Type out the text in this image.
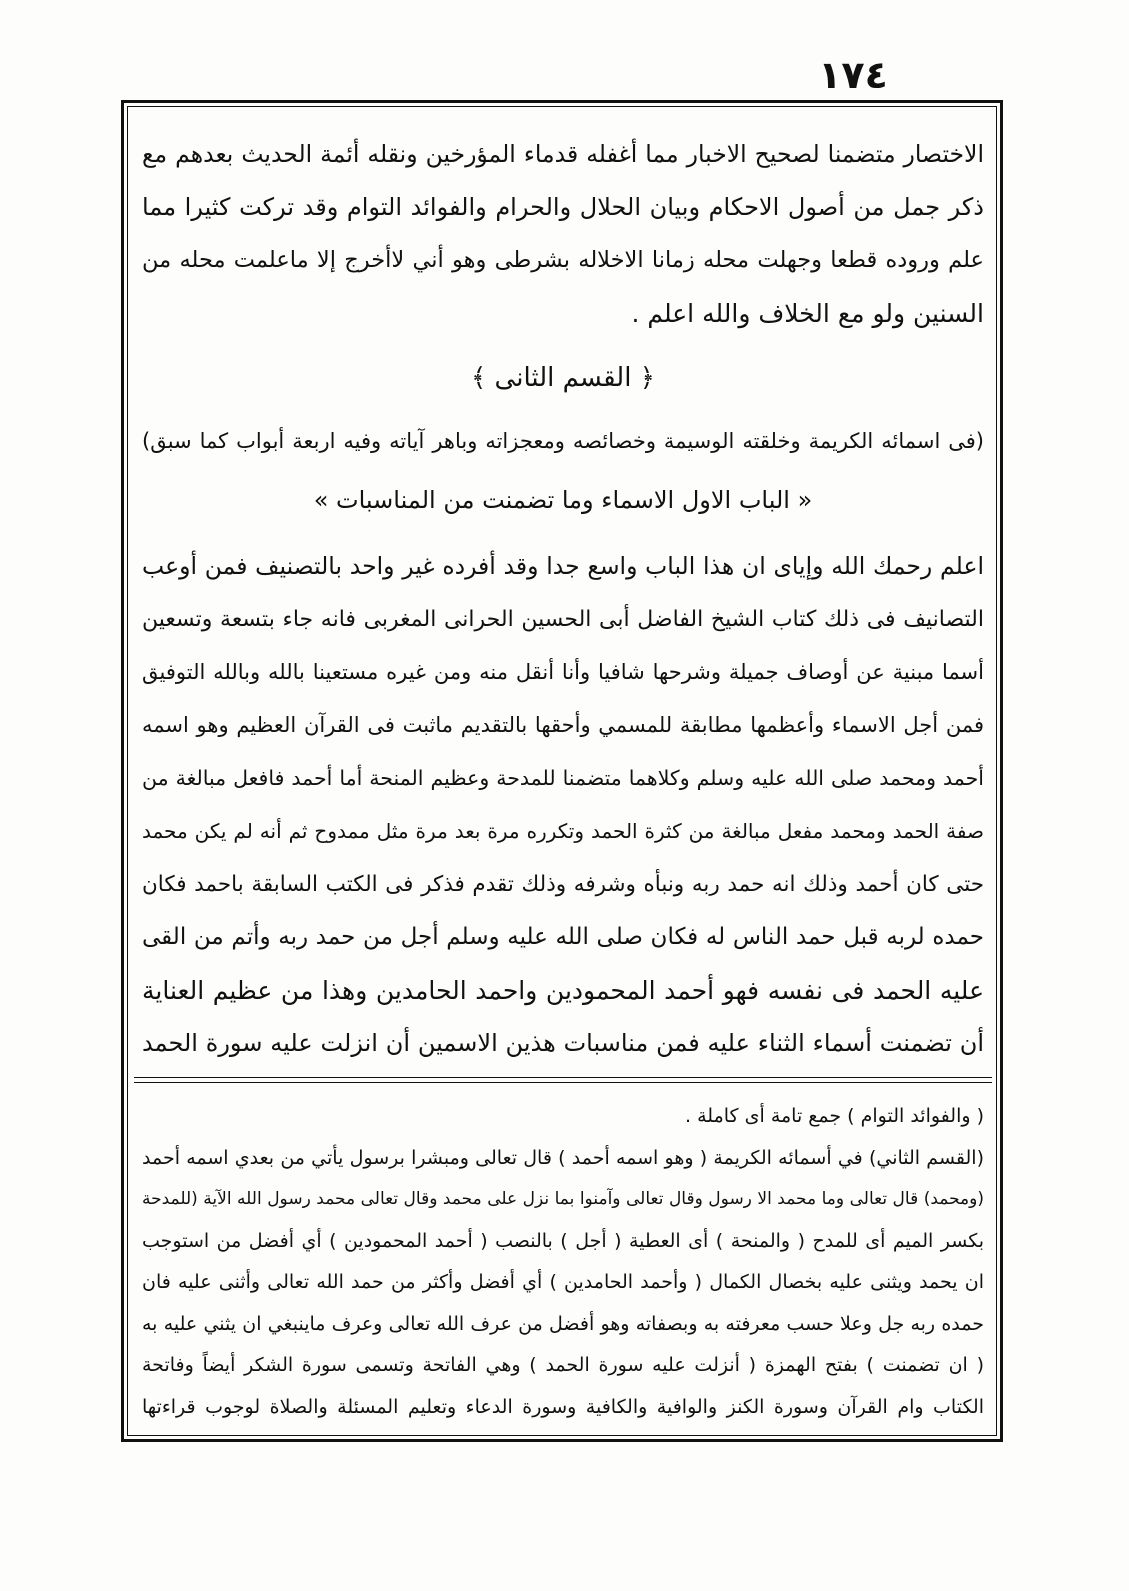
١٧٤
الاختصار متضمنا لصحيح الاخبار مما أغفله قدماء المؤرخين ونقله أئمة الحديث بعدهم مع
ذكر جمل من أصول الاحكام وبيان الحلال والحرام والفوائد التوام وقد تركت كثيرا مما
علم وروده قطعا وجهلت محله زمانا الاخلاله بشرطى وهو أني لاأخرج إلا ماعلمت محله من
السنين ولو مع الخلاف والله اعلم .
﴿ القسم الثانى ﴾
(فى اسمائه الكريمة وخلقته الوسيمة وخصائصه ومعجزاته وباهر آياته وفيه اربعة أبواب كما سبق)
« الباب الاول الاسماء وما تضمنت من المناسبات »
اعلم رحمك الله وإياى ان هذا الباب واسع جدا وقد أفرده غير واحد بالتصنيف فمن أوعب
التصانيف فى ذلك كتاب الشيخ الفاضل أبى الحسين الحرانى المغربى فانه جاء بتسعة وتسعين
أسما مبنية عن أوصاف جميلة وشرحها شافيا وأنا أنقل منه ومن غيره مستعينا بالله وبالله التوفيق
فمن أجل الاسماء وأعظمها مطابقة للمسمي وأحقها بالتقديم ماثبت فى القرآن العظيم وهو اسمه
أحمد ومحمد صلى الله عليه وسلم وكلاهما متضمنا للمدحة وعظيم المنحة أما أحمد فافعل مبالغة من
صفة الحمد ومحمد مفعل مبالغة من كثرة الحمد وتكرره مرة بعد مرة مثل ممدوح ثم أنه لم يكن محمد
حتى كان أحمد وذلك انه حمد ربه ونبأه وشرفه وذلك تقدم فذكر فى الكتب السابقة باحمد فكان
حمده لربه قبل حمد الناس له فكان صلى الله عليه وسلم أجل من حمد ربه وأتم من القى
عليه الحمد فى نفسه فهو أحمد المحمودين واحمد الحامدين وهذا من عظيم العناية
أن تضمنت أسماء الثناء عليه فمن مناسبات هذين الاسمين أن انزلت عليه سورة الحمد
( والفوائد التوام ) جمع تامة أى كاملة .
(القسم الثاني) في أسمائه الكريمة ( وهو اسمه أحمد ) قال تعالى ومبشرا برسول يأتي من بعدي اسمه أحمد
(ومحمد) قال تعالى وما محمد الا رسول وقال تعالى وآمنوا بما نزل على محمد وقال تعالى محمد رسول الله الآية (للمدحة
بكسر الميم أى للمدح ( والمنحة ) أى العطية ( أجل ) بالنصب ( أحمد المحمودين ) أي أفضل من استوجب
ان يحمد ويثنى عليه بخصال الكمال ( وأحمد الحامدين ) أي أفضل وأكثر من حمد الله تعالى وأثنى عليه فان
حمده ربه جل وعلا حسب معرفته به وبصفاته وهو أفضل من عرف الله تعالى وعرف ماينبغي ان يثني عليه به
( ان تضمنت ) بفتح الهمزة ( أنزلت عليه سورة الحمد ) وهي الفاتحة وتسمى سورة الشكر أيضاً وفاتحة
الكتاب وام القرآن وسورة الكنز والوافية والكافية وسورة الدعاء وتعليم المسئلة والصلاة لوجوب قراءتها
